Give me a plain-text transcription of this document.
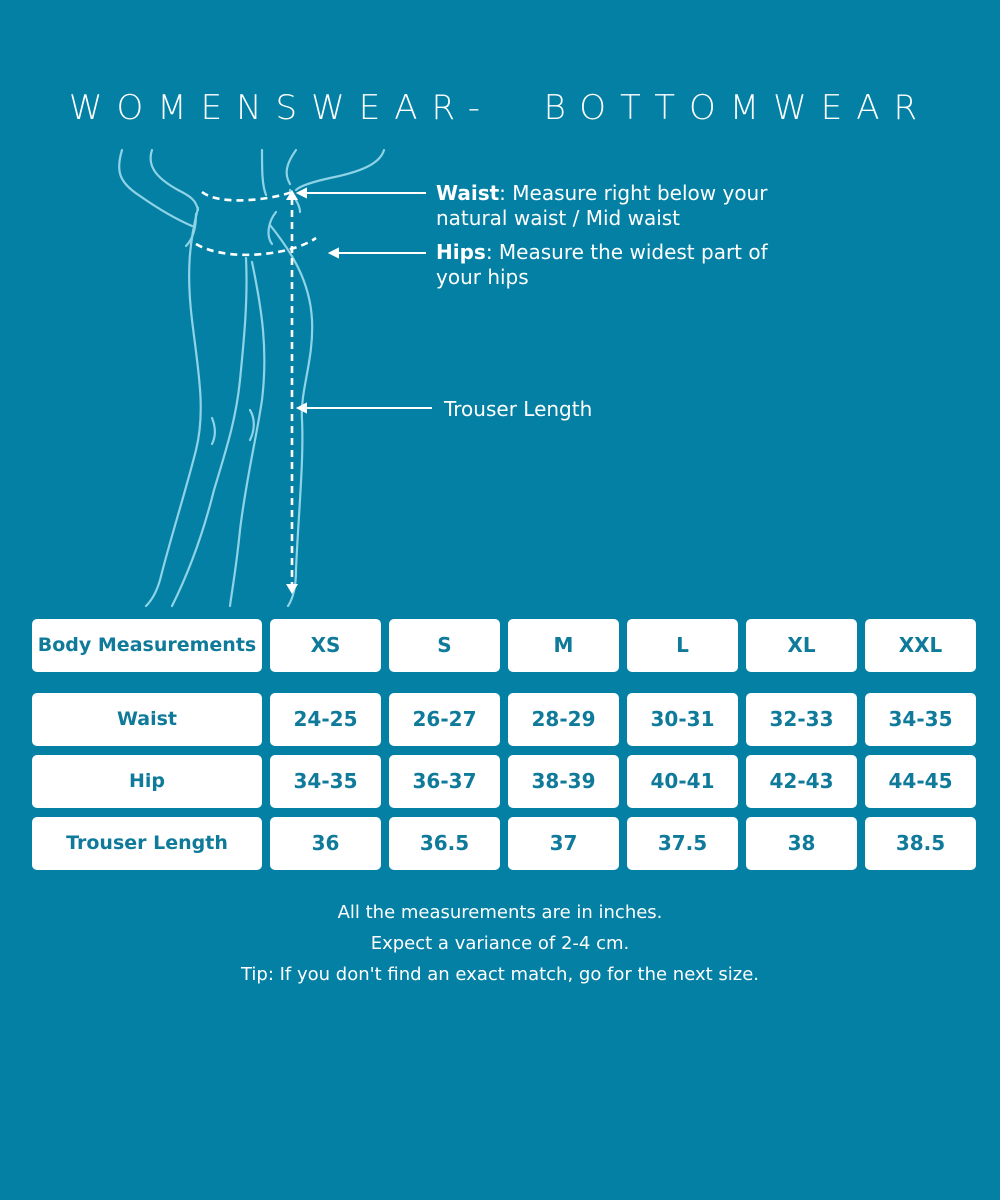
WOMENSWEAR-  BOTTOMWEAR
Waist: Measure right below your natural waist / Mid waist
Hips: Measure the widest part of your hips
Trouser Length
Body Measurements	XS	S	M	L	XL	XXL
Waist	24-25	26-27	28-29	30-31	32-33	34-35
Hip	34-35	36-37	38-39	40-41	42-43	44-45
Trouser Length	36	36.5	37	37.5	38	38.5
All the measurements are in inches.
Expect a variance of 2-4 cm.
Tip: If you don't find an exact match, go for the next size.
